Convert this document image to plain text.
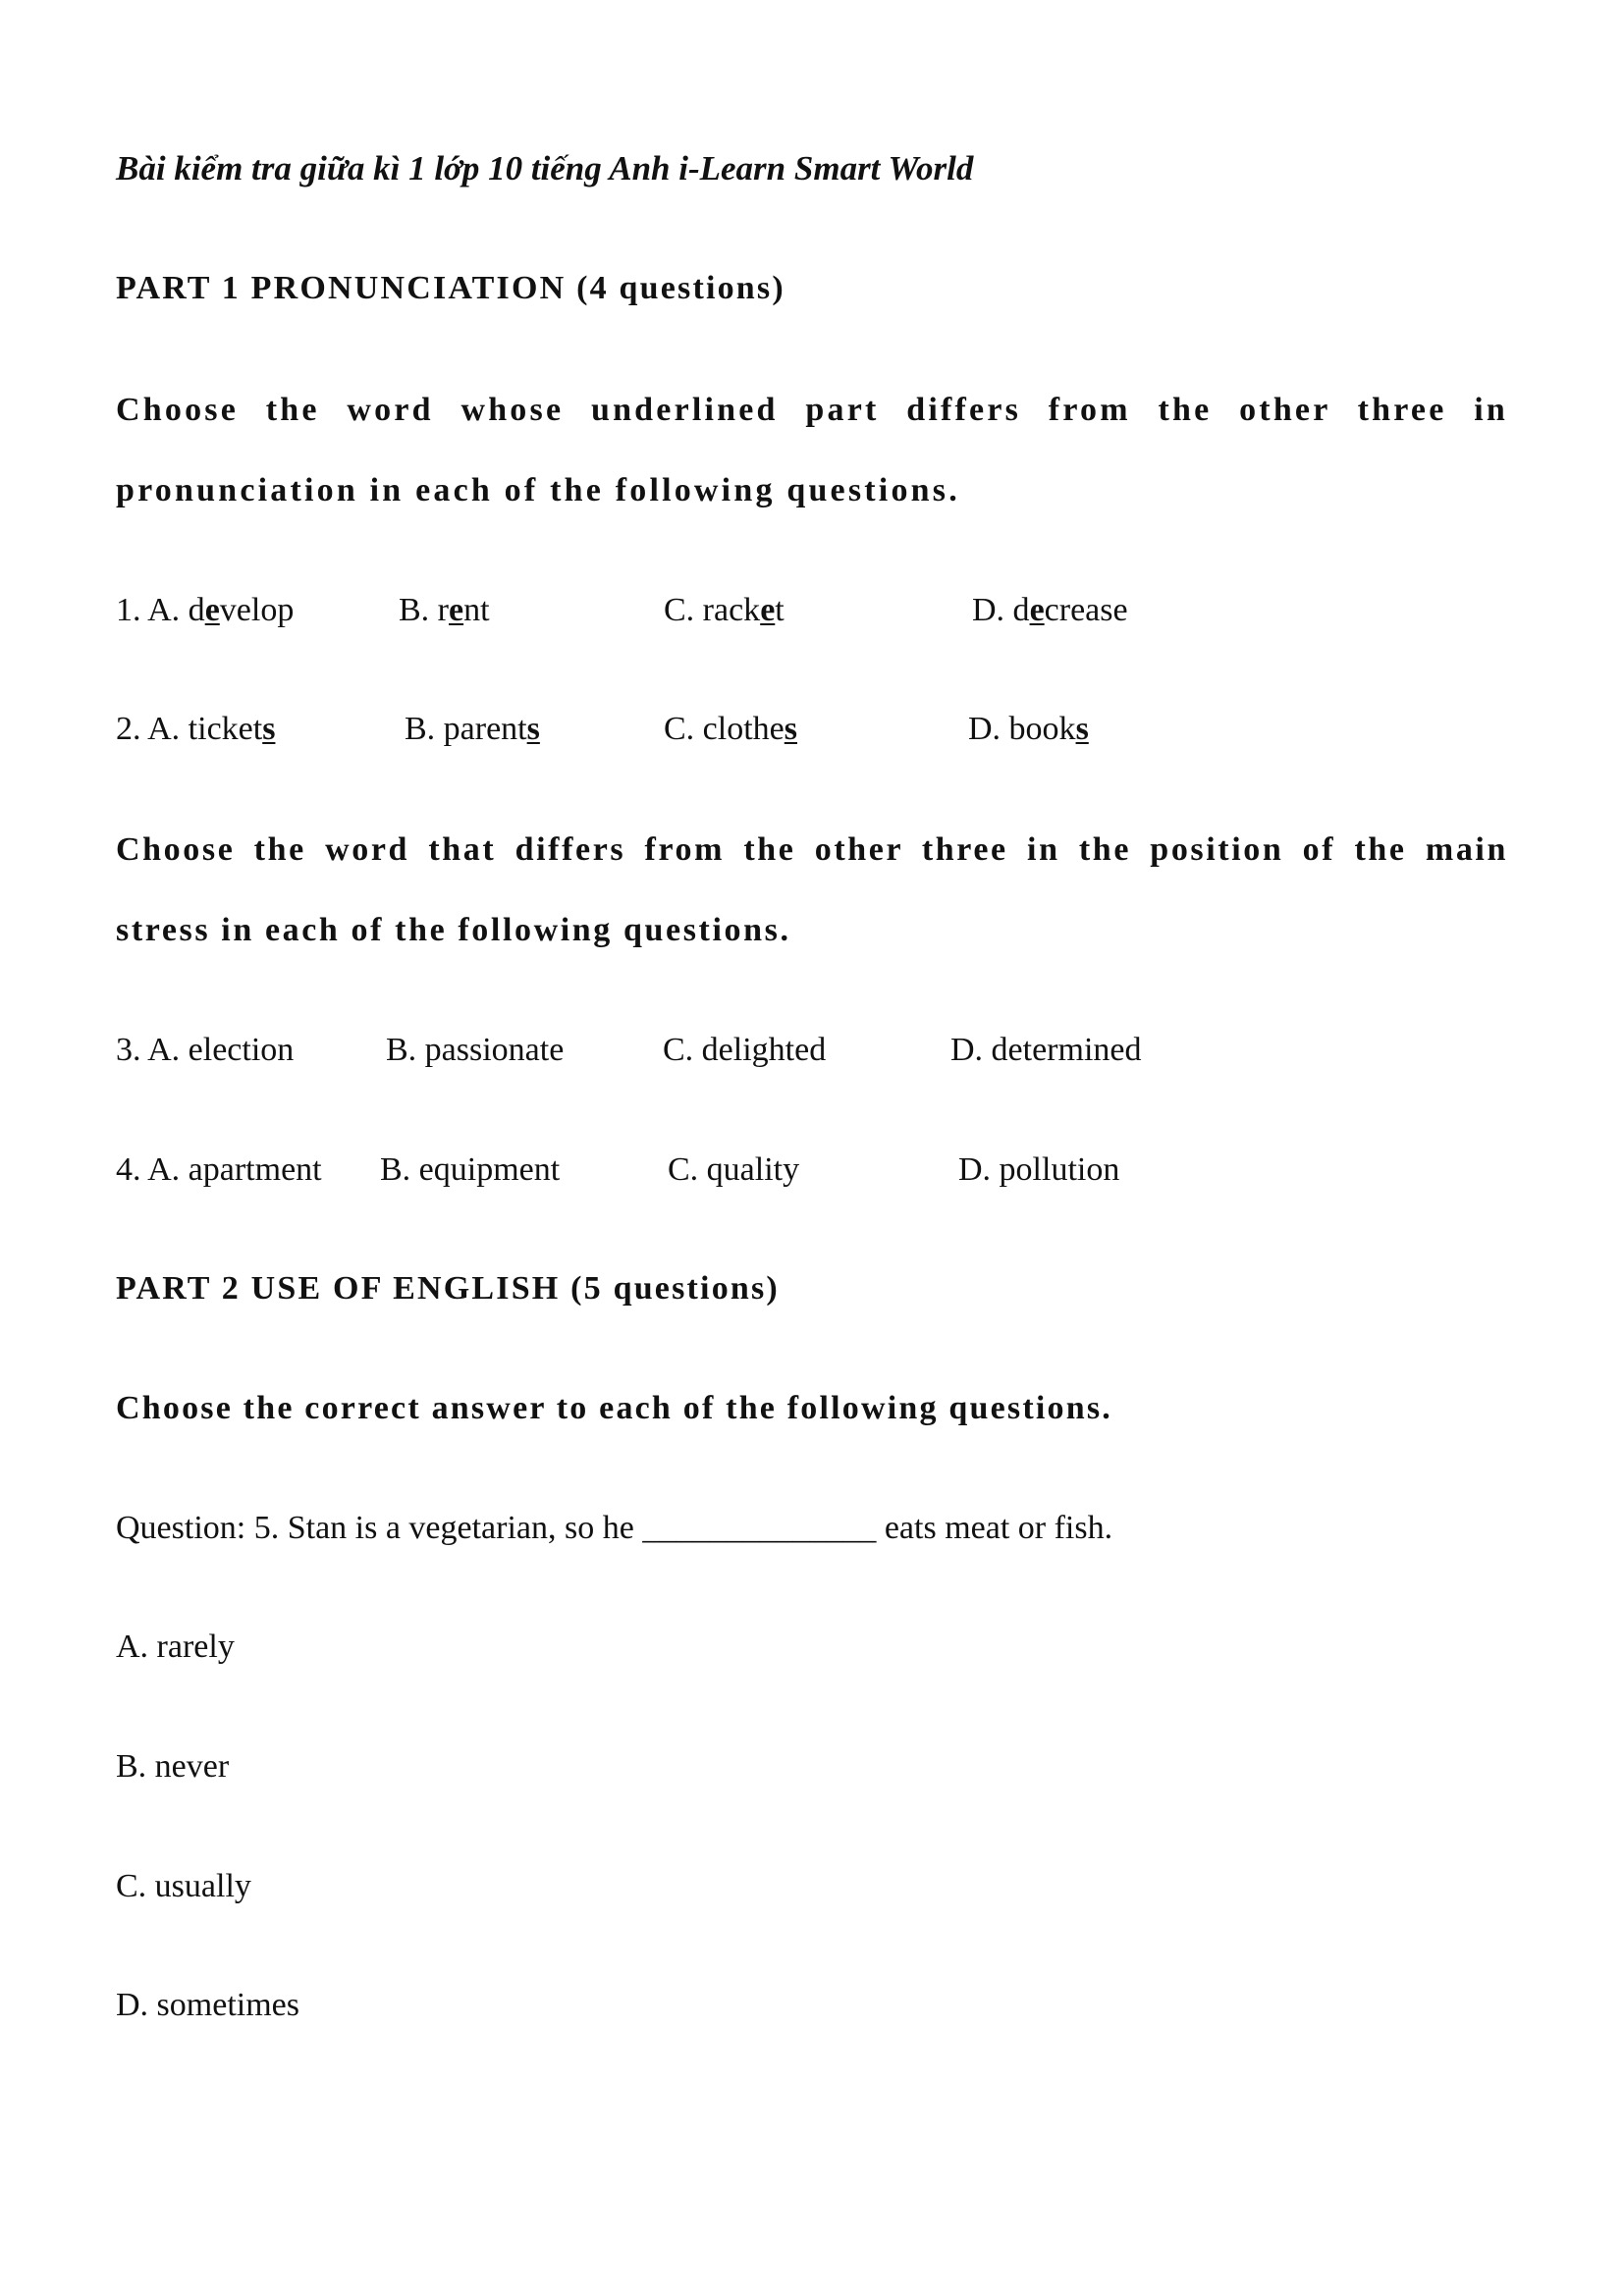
Bài kiểm tra giữa kì 1 lớp 10 tiếng Anh i-Learn Smart World
PART 1 PRONUNCIATION (4 questions)
Choose the word whose underlined part differs from the other three in
pronunciation in each of the following questions.
1. A. develop	B. rent	C. racket	D. decrease
2. A. tickets	B. parents	C. clothes	D. books
Choose the word that differs from the other three in the position of the main
stress in each of the following questions.
3. A. election	B. passionate	C. delighted	D. determined
4. A. apartment B. equipment	C. quality	D. pollution
PART 2 USE OF ENGLISH (5 questions)
Choose the correct answer to each of the following questions.
Question: 5. Stan is a vegetarian, so he ______________ eats meat or fish.
A. rarely
B. never
C. usually
D. sometimes
